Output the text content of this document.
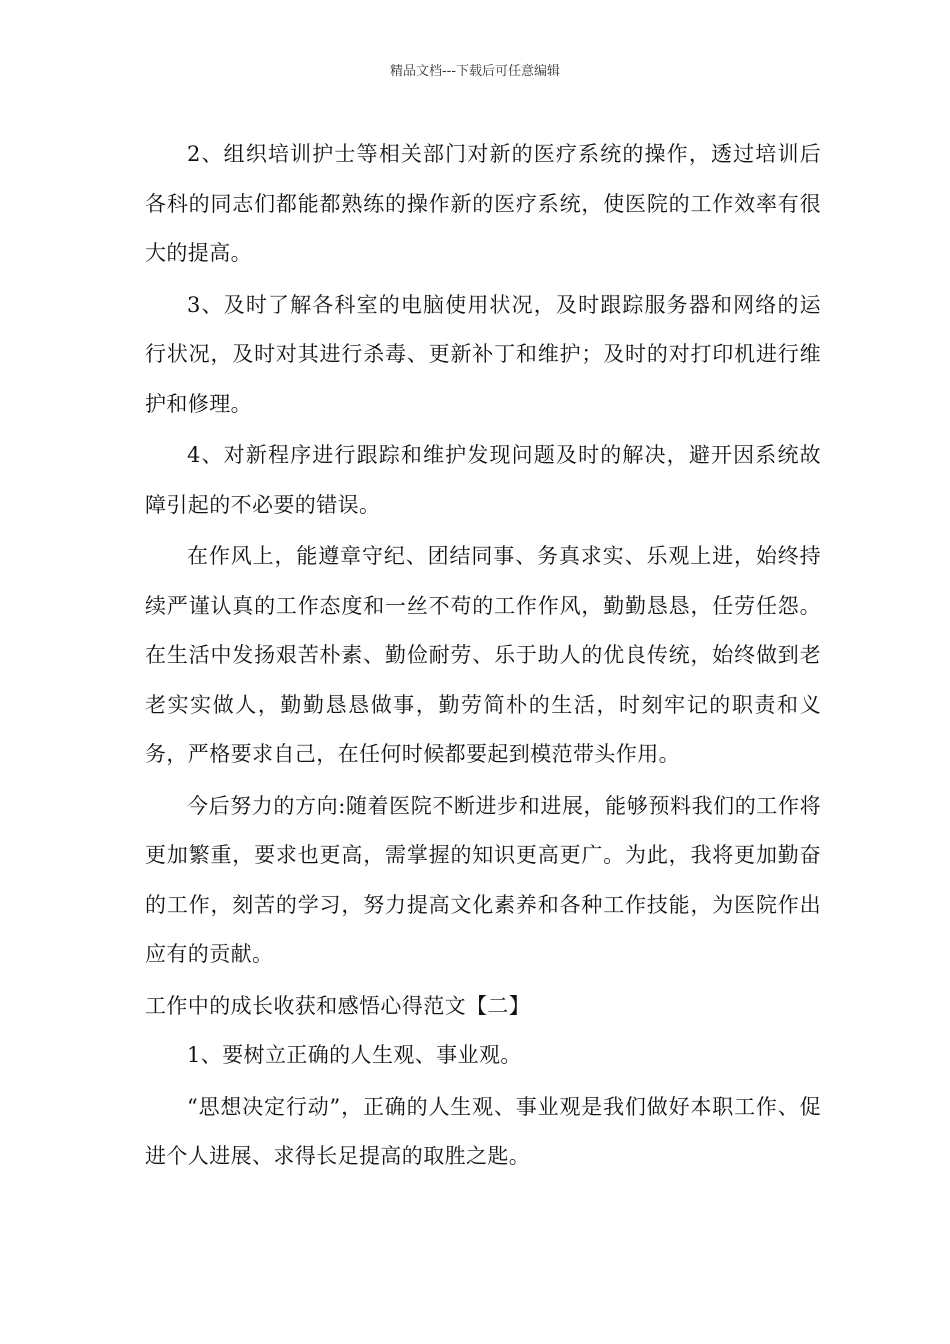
精品文档---下载后可任意编辑

2、组织培训护士等相关部门对新的医疗系统的操作，透过培训后各科的同志们都能都熟练的操作新的医疗系统，使医院的工作效率有很大的提高。

3、及时了解各科室的电脑使用状况，及时跟踪服务器和网络的运行状况，及时对其进行杀毒、更新补丁和维护；及时的对打印机进行维护和修理。

4、对新程序进行跟踪和维护发现问题及时的解决，避开因系统故障引起的不必要的错误。

在作风上，能遵章守纪、团结同事、务真求实、乐观上进，始终持续严谨认真的工作态度和一丝不苟的工作作风，勤勤恳恳，任劳任怨。在生活中发扬艰苦朴素、勤俭耐劳、乐于助人的优良传统，始终做到老老实实做人，勤勤恳恳做事，勤劳简朴的生活，时刻牢记的职责和义务，严格要求自己，在任何时候都要起到模范带头作用。

今后努力的方向:随着医院不断进步和进展，能够预料我们的工作将更加繁重，要求也更高，需掌握的知识更高更广。为此，我将更加勤奋的工作，刻苦的学习，努力提高文化素养和各种工作技能，为医院作出应有的贡献。

工作中的成长收获和感悟心得范文【二】

1、要树立正确的人生观、事业观。

“思想决定行动”，正确的人生观、事业观是我们做好本职工作、促进个人进展、求得长足提高的取胜之匙。
